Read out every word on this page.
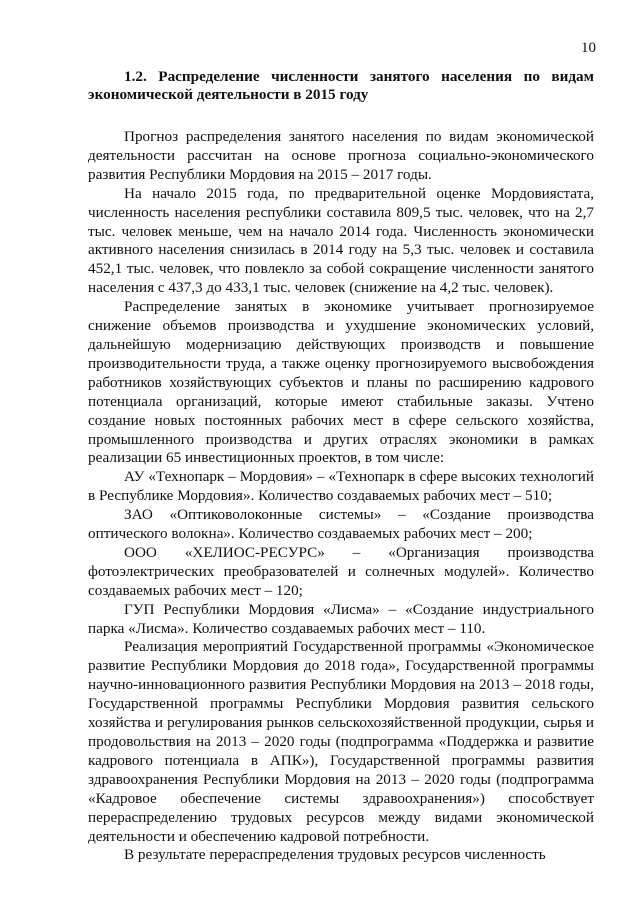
10
1.2. Распределение численности занятого населения по видам экономической деятельности в 2015 году

Прогноз распределения занятого населения по видам экономической деятельности рассчитан на основе прогноза социально-экономического развития Республики Мордовия на 2015 – 2017 годы.

На начало 2015 года, по предварительной оценке Мордовиястата, численность населения республики составила 809,5 тыс. человек, что на 2,7 тыс. человек меньше, чем на начало 2014 года. Численность экономически активного населения снизилась в 2014 году на 5,3 тыс. человек и составила 452,1 тыс. человек, что повлекло за собой сокращение численности занятого населения с 437,3 до 433,1 тыс. человек (снижение на 4,2 тыс. человек).

Распределение занятых в экономике учитывает прогнозируемое снижение объемов производства и ухудшение экономических условий, дальнейшую модернизацию действующих производств и повышение производительности труда, а также оценку прогнозируемого высвобождения работников хозяйствующих субъектов и планы по расширению кадрового потенциала организаций, которые имеют стабильные заказы. Учтено создание новых постоянных рабочих мест в сфере сельского хозяйства, промышленного производства и других отраслях экономики в рамках реализации 65 инвестиционных проектов, в том числе:

АУ «Технопарк – Мордовия» – «Технопарк в сфере высоких технологий в Республике Мордовия». Количество создаваемых рабочих мест – 510;

ЗАО «Оптиковолоконные системы» – «Создание производства оптического волокна». Количество создаваемых рабочих мест – 200;

ООО «ХЕЛИОС-РЕСУРС» – «Организация производства фотоэлектрических преобразователей и солнечных модулей». Количество создаваемых рабочих мест – 120;

ГУП Республики Мордовия «Лисма» – «Создание индустриального парка «Лисма». Количество создаваемых рабочих мест – 110.

Реализация мероприятий Государственной программы «Экономическое развитие Республики Мордовия до 2018 года», Государственной программы научно-инновационного развития Республики Мордовия на 2013 – 2018 годы, Государственной программы Республики Мордовия развития сельского хозяйства и регулирования рынков сельскохозяйственной продукции, сырья и продовольствия на 2013 – 2020 годы (подпрограмма «Поддержка и развитие кадрового потенциала в АПК»), Государственной программы развития здравоохранения Республики Мордовия на 2013 – 2020 годы (подпрограмма «Кадровое обеспечение системы здравоохранения») способствует перераспределению трудовых ресурсов между видами экономической деятельности и обеспечению кадровой потребности.

В результате перераспределения трудовых ресурсов численность
